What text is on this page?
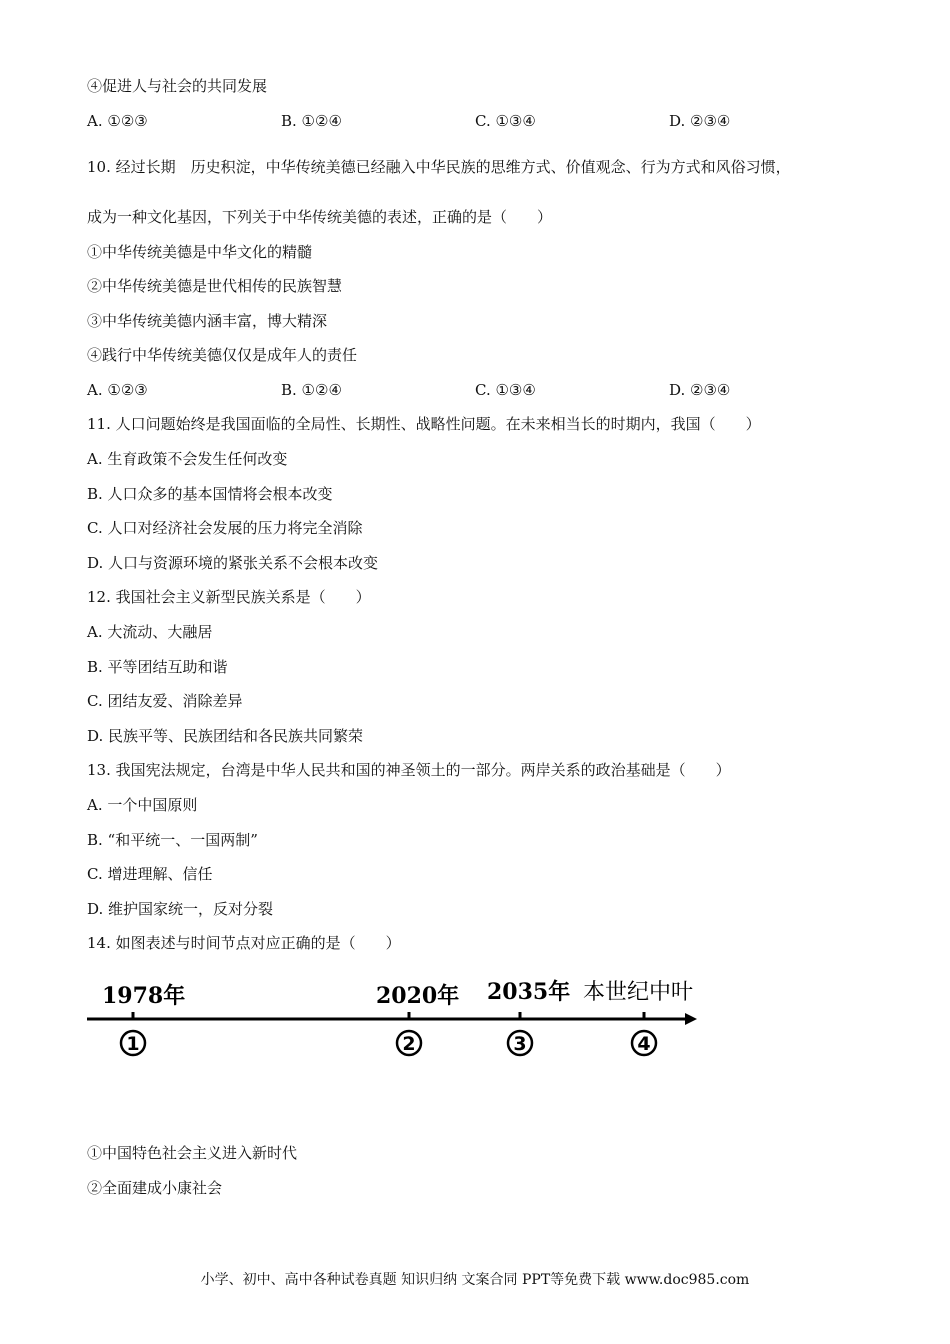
④促进人与社会的共同发展
A. ①②③	B. ①②④	C. ①③④	D. ②③④
10. 经过长期　历史积淀，中华传统美德已经融入中华民族的思维方式、价值观念、行为方式和风俗习惯，
成为一种文化基因，下列关于中华传统美德的表述，正确的是（　　）
①中华传统美德是中华文化的精髓
②中华传统美德是世代相传的民族智慧
③中华传统美德内涵丰富，博大精深
④践行中华传统美德仅仅是成年人的责任
A. ①②③	B. ①②④	C. ①③④	D. ②③④
11. 人口问题始终是我国面临的全局性、长期性、战略性问题。在未来相当长的时期内，我国（　　）
A. 生育政策不会发生任何改变
B. 人口众多的基本国情将会根本改变
C. 人口对经济社会发展的压力将完全消除
D. 人口与资源环境的紧张关系不会根本改变
12. 我国社会主义新型民族关系是（　　）
A. 大流动、大融居
B. 平等团结互助和谐
C. 团结友爱、消除差异
D. 民族平等、民族团结和各民族共同繁荣
13. 我国宪法规定，台湾是中华人民共和国的神圣领土的一部分。两岸关系的政治基础是（　　）
A. 一个中国原则
B. “和平统一、一国两制”
C. 增进理解、信任
D. 维护国家统一，反对分裂
14. 如图表述与时间节点对应正确的是（　　）
1978年
1
2020年
2
2035年
3
本世纪中叶
4
①中国特色社会主义进入新时代
②全面建成小康社会
小学、初中、高中各种试卷真题 知识归纳 文案合同 PPT等免费下载 www.doc985.com
